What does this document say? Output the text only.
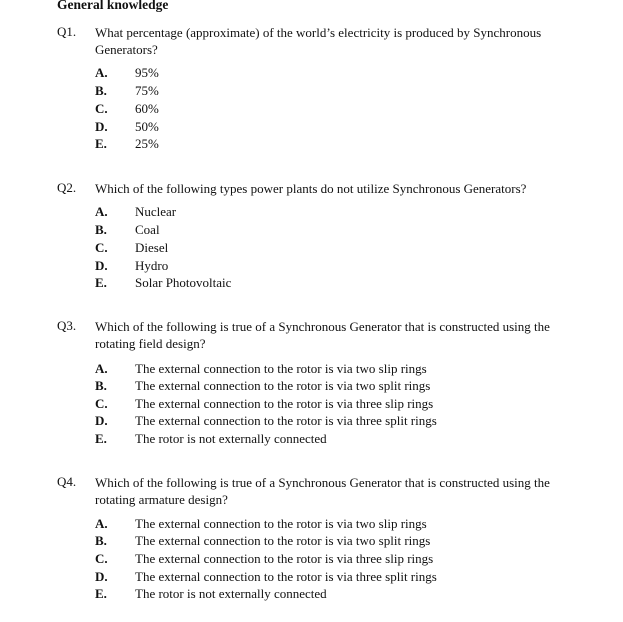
General knowledge
Q1. What percentage (approximate) of the world’s electricity is produced by Synchronous Generators?
A. 95%
B. 75%
C. 60%
D. 50%
E. 25%
Q2. Which of the following types power plants do not utilize Synchronous Generators?
A. Nuclear
B. Coal
C. Diesel
D. Hydro
E. Solar Photovoltaic
Q3. Which of the following is true of a Synchronous Generator that is constructed using the rotating field design?
A. The external connection to the rotor is via two slip rings
B. The external connection to the rotor is via two split rings
C. The external connection to the rotor is via three slip rings
D. The external connection to the rotor is via three split rings
E. The rotor is not externally connected
Q4. Which of the following is true of a Synchronous Generator that is constructed using the rotating armature design?
A. The external connection to the rotor is via two slip rings
B. The external connection to the rotor is via two split rings
C. The external connection to the rotor is via three slip rings
D. The external connection to the rotor is via three split rings
E. The rotor is not externally connected
